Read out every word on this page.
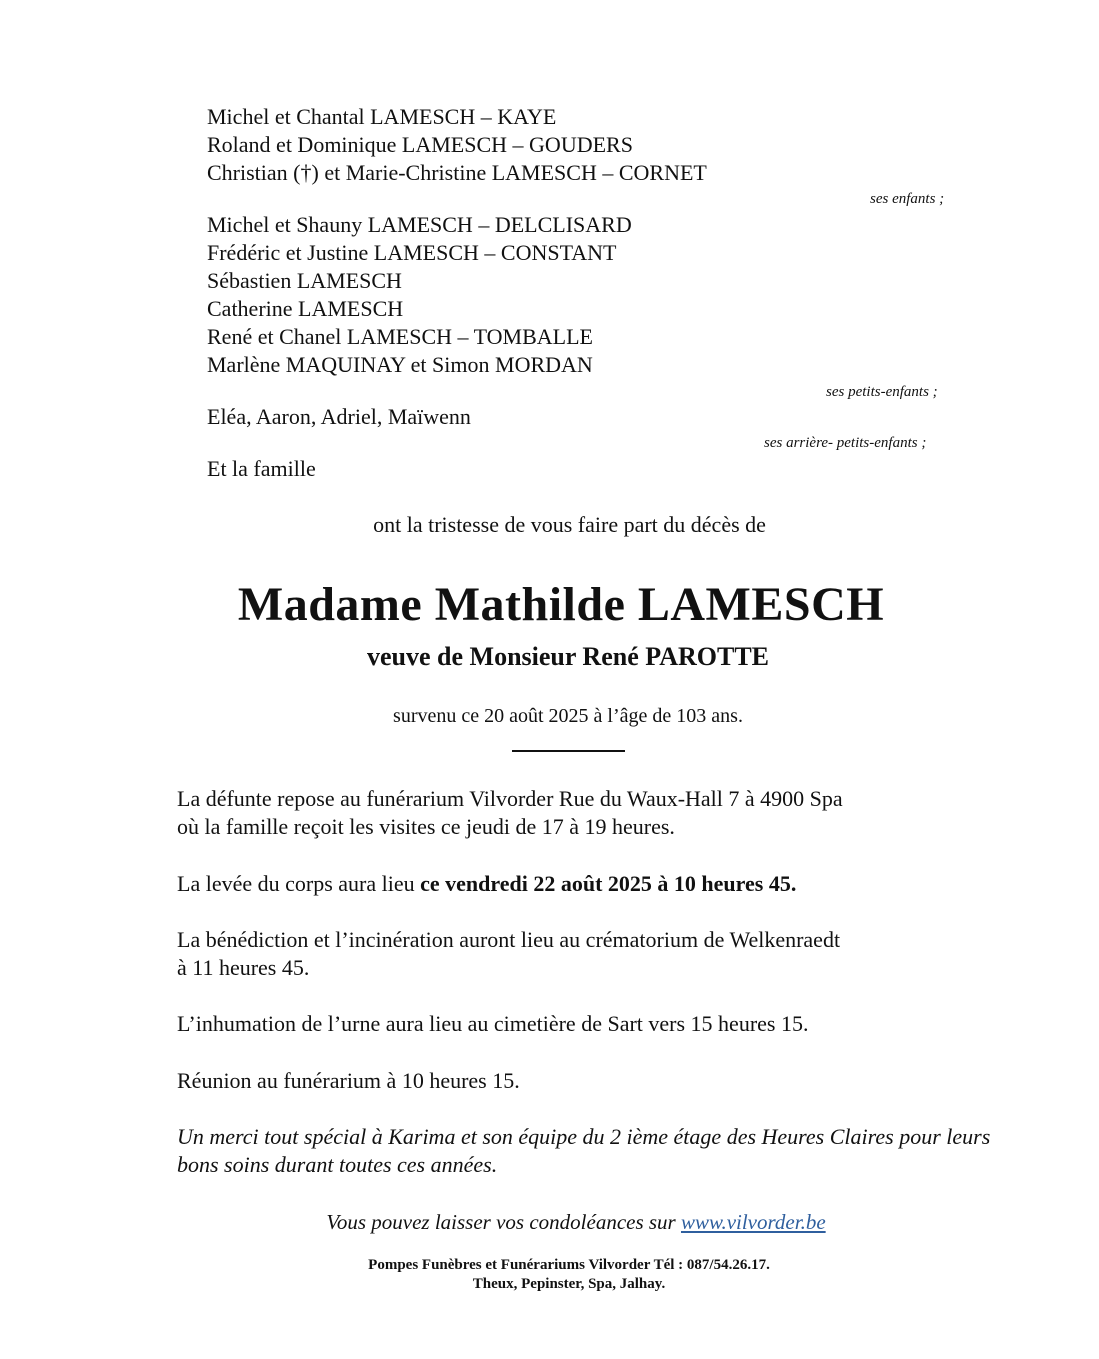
Michel et Chantal LAMESCH – KAYE
Roland et Dominique LAMESCH – GOUDERS
Christian (†) et Marie-Christine LAMESCH – CORNET
ses enfants ;
Michel et Shauny LAMESCH – DELCLISARD
Frédéric et Justine LAMESCH – CONSTANT
Sébastien LAMESCH
Catherine LAMESCH
René et Chanel LAMESCH – TOMBALLE
Marlène MAQUINAY et Simon MORDAN
ses petits-enfants ;
Eléa, Aaron, Adriel, Maïwenn
ses arrière- petits-enfants ;
Et la famille
ont la tristesse de vous faire part du décès de
Madame Mathilde LAMESCH
veuve de Monsieur René PAROTTE
survenu ce 20 août 2025 à l’âge de 103 ans.
La défunte repose au funérarium Vilvorder Rue du Waux-Hall 7 à 4900 Spa
où la famille reçoit les visites ce jeudi de 17 à 19 heures.
La levée du corps aura lieu ce vendredi 22 août 2025 à 10 heures 45.
La bénédiction et l’incinération auront lieu au crématorium de Welkenraedt
à 11 heures 45.
L’inhumation de l’urne aura lieu au cimetière de Sart vers 15 heures 15.
Réunion au funérarium à 10 heures 15.
Un merci tout spécial à Karima et son équipe du 2 ième étage des Heures Claires pour leurs
bons soins durant toutes ces années.
Vous pouvez laisser vos condoléances sur www.vilvorder.be
Pompes Funèbres et Funérariums Vilvorder Tél : 087/54.26.17.
Theux, Pepinster, Spa, Jalhay.
